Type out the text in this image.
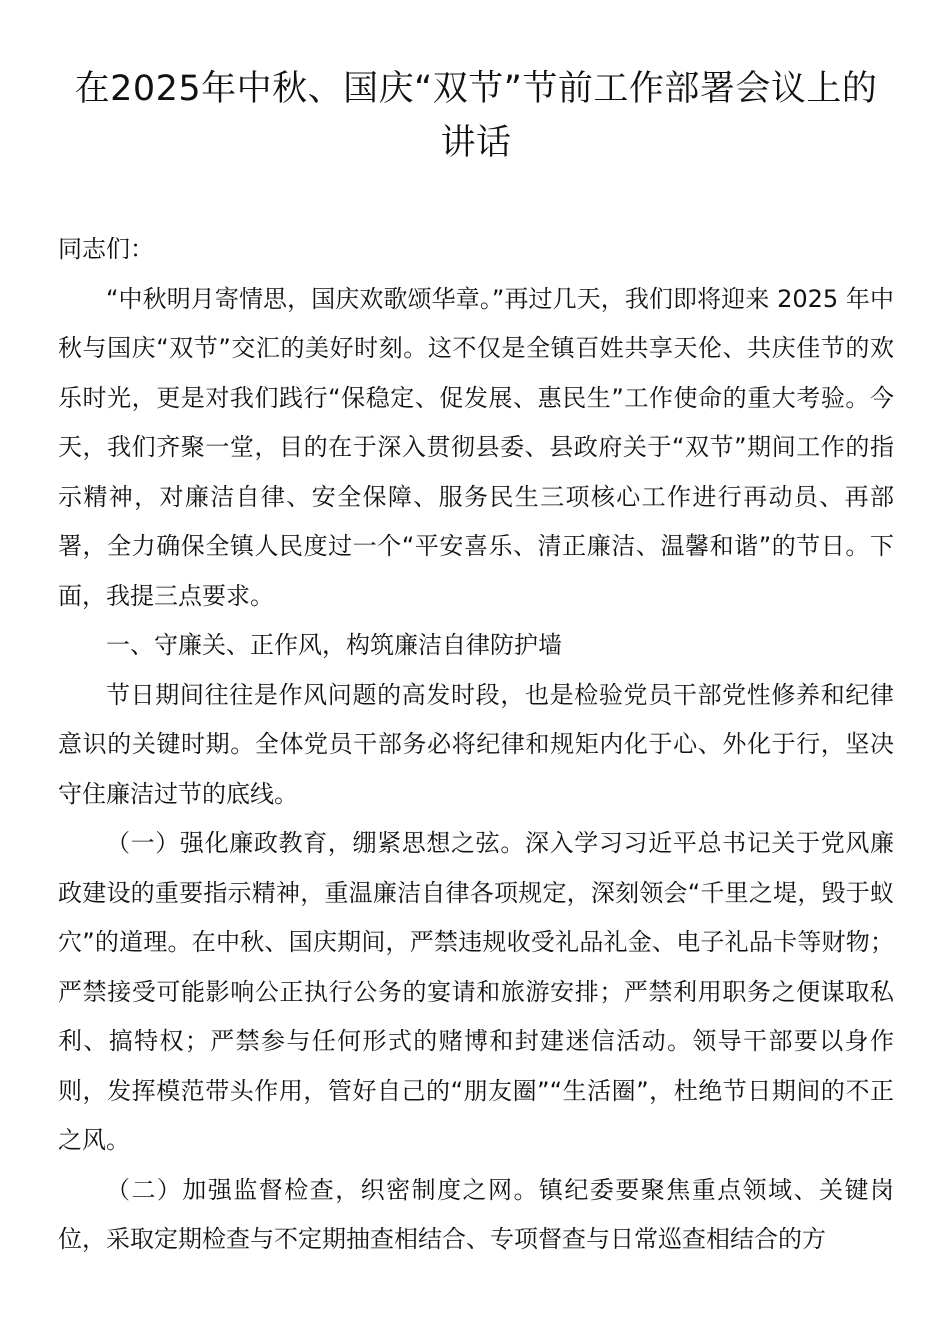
在2025年中秋、国庆“双节”节前工作部署会议上的讲话

同志们：

“中秋明月寄情思，国庆欢歌颂华章。”再过几天，我们即将迎来 2025 年中秋与国庆“双节”交汇的美好时刻。这不仅是全镇百姓共享天伦、共庆佳节的欢乐时光，更是对我们践行“保稳定、促发展、惠民生”工作使命的重大考验。今天，我们齐聚一堂，目的在于深入贯彻县委、县政府关于“双节”期间工作的指示精神，对廉洁自律、安全保障、服务民生三项核心工作进行再动员、再部署，全力确保全镇人民度过一个“平安喜乐、清正廉洁、温馨和谐”的节日。下面，我提三点要求。

一、守廉关、正作风，构筑廉洁自律防护墙

节日期间往往是作风问题的高发时段，也是检验党员干部党性修养和纪律意识的关键时期。全体党员干部务必将纪律和规矩内化于心、外化于行，坚决守住廉洁过节的底线。

（一）强化廉政教育，绷紧思想之弦。深入学习习近平总书记关于党风廉政建设的重要指示精神，重温廉洁自律各项规定，深刻领会“千里之堤，毁于蚁穴”的道理。在中秋、国庆期间，严禁违规收受礼品礼金、电子礼品卡等财物；严禁接受可能影响公正执行公务的宴请和旅游安排；严禁利用职务之便谋取私利、搞特权；严禁参与任何形式的赌博和封建迷信活动。领导干部要以身作则，发挥模范带头作用，管好自己的“朋友圈”“生活圈”，杜绝节日期间的不正之风。

（二）加强监督检查，织密制度之网。镇纪委要聚焦重点领域、关键岗位，采取定期检查与不定期抽查相结合、专项督查与日常巡查相结合的方
